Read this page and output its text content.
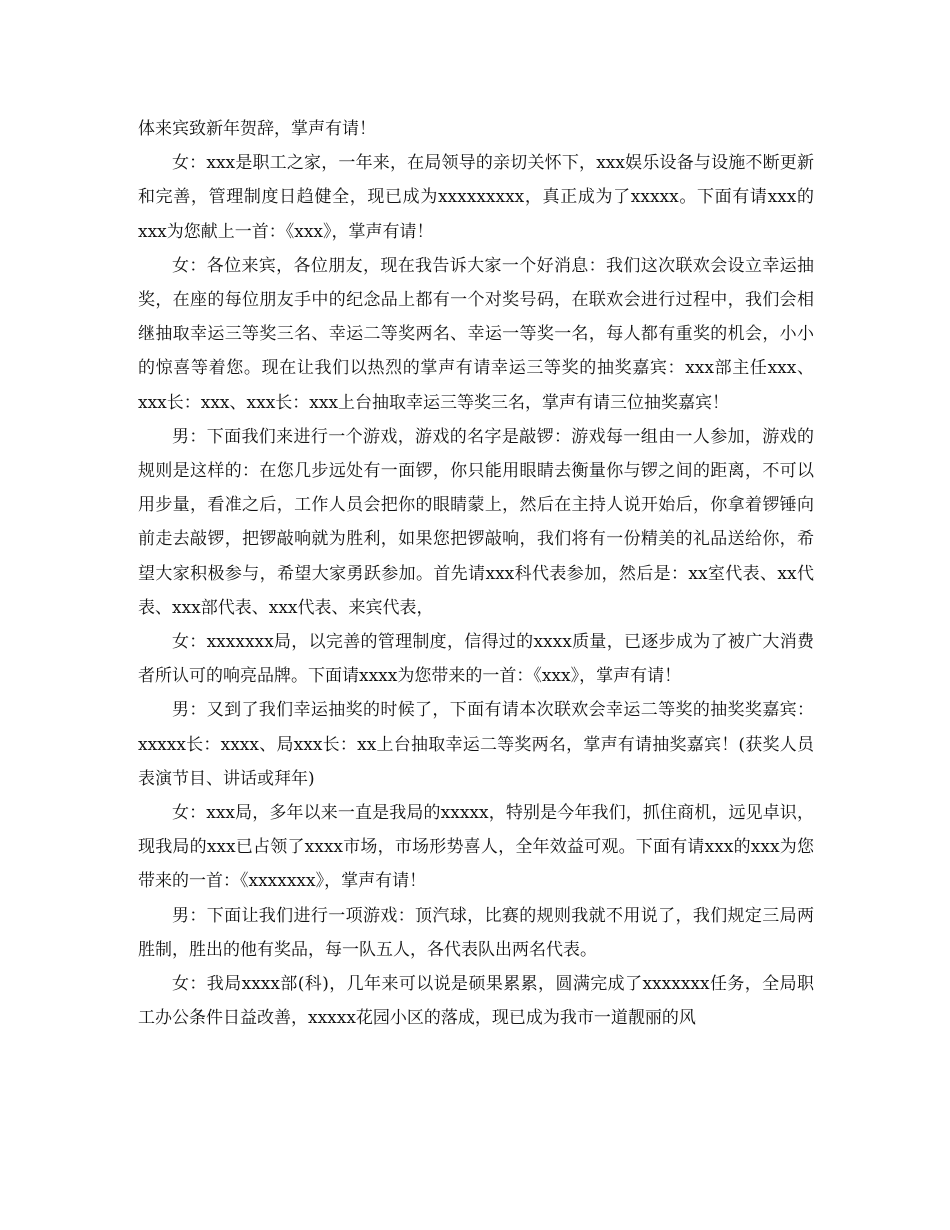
体来宾致新年贺辞，掌声有请！

女：xxx是职工之家，一年来，在局领导的亲切关怀下，xxx娱乐设备与设施不断更新和完善，管理制度日趋健全，现已成为xxxxxxxxx，真正成为了xxxxx。下面有请xxx的xxx为您献上一首：《xxx》，掌声有请！

女：各位来宾，各位朋友，现在我告诉大家一个好消息：我们这次联欢会设立幸运抽奖，在座的每位朋友手中的纪念品上都有一个对奖号码，在联欢会进行过程中，我们会相继抽取幸运三等奖三名、幸运二等奖两名、幸运一等奖一名，每人都有重奖的机会，小小的惊喜等着您。现在让我们以热烈的掌声有请幸运三等奖的抽奖嘉宾：xxx部主任xxx、xxx长：xxx、xxx长：xxx上台抽取幸运三等奖三名，掌声有请三位抽奖嘉宾！

男：下面我们来进行一个游戏，游戏的名字是敲锣：游戏每一组由一人参加，游戏的规则是这样的：在您几步远处有一面锣，你只能用眼睛去衡量你与锣之间的距离，不可以用步量，看准之后，工作人员会把你的眼睛蒙上，然后在主持人说开始后，你拿着锣锤向前走去敲锣，把锣敲响就为胜利，如果您把锣敲响，我们将有一份精美的礼品送给你，希望大家积极参与，希望大家勇跃参加。首先请xxx科代表参加，然后是：xx室代表、xx代表、xxx部代表、xxx代表、来宾代表，

女：xxxxxxx局，以完善的管理制度，信得过的xxxx质量，已逐步成为了被广大消费者所认可的响亮品牌。下面请xxxx为您带来的一首：《xxx》，掌声有请！

男：又到了我们幸运抽奖的时候了，下面有请本次联欢会幸运二等奖的抽奖奖嘉宾：xxxxx长：xxxx、局xxx长：xx上台抽取幸运二等奖两名，掌声有请抽奖嘉宾！(获奖人员表演节目、讲话或拜年)

女：xxx局，多年以来一直是我局的xxxxx，特别是今年我们，抓住商机，远见卓识，现我局的xxx已占领了xxxx市场，市场形势喜人，全年效益可观。下面有请xxx的xxx为您带来的一首：《xxxxxxx》，掌声有请！

男：下面让我们进行一项游戏：顶汽球，比赛的规则我就不用说了，我们规定三局两胜制，胜出的他有奖品，每一队五人，各代表队出两名代表。

女：我局xxxx部(科)，几年来可以说是硕果累累，圆满完成了xxxxxxx任务，全局职工办公条件日益改善，xxxxx花园小区的落成，现已成为我市一道靓丽的风
